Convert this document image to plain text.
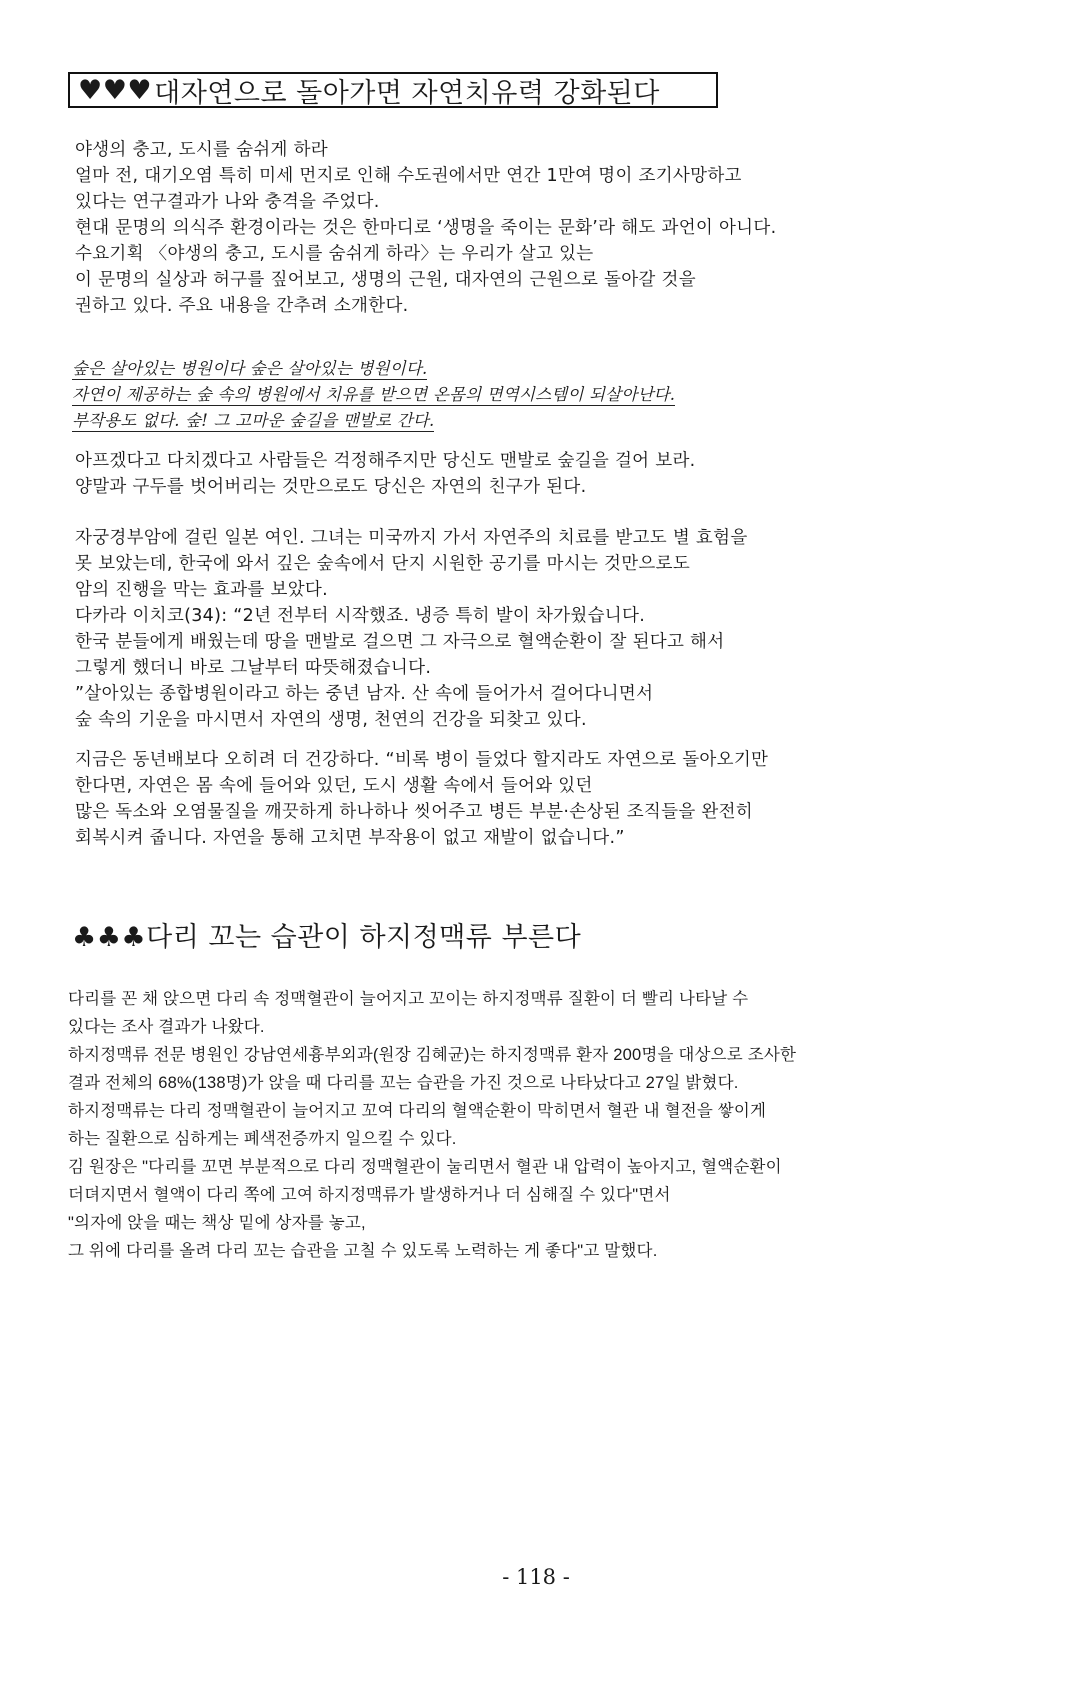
♥♥♥ 대자연으로 돌아가면 자연치유력 강화된다
야생의 충고, 도시를 숨쉬게 하라
얼마 전, 대기오염 특히 미세 먼지로 인해 수도권에서만 연간 1만여 명이 조기사망하고
있다는 연구결과가 나와 충격을 주었다.
현대 문명의 의식주 환경이라는 것은 한마디로 ‘생명을 죽이는 문화’라 해도 과언이 아니다.
수요기획 〈야생의 충고, 도시를 숨쉬게 하라〉는 우리가 살고 있는
이 문명의 실상과 허구를 짚어보고, 생명의 근원, 대자연의 근원으로 돌아갈 것을
권하고 있다. 주요 내용을 간추려 소개한다.
숲은 살아있는 병원이다 숲은 살아있는 병원이다.
자연이 제공하는 숲 속의 병원에서 치유를 받으면 온몸의 면역시스템이 되살아난다.
부작용도 없다. 숲! 그 고마운 숲길을 맨발로 간다.
아프겠다고 다치겠다고 사람들은 걱정해주지만 당신도 맨발로 숲길을 걸어 보라.
양말과 구두를 벗어버리는 것만으로도 당신은 자연의 친구가 된다.
자궁경부암에 걸린 일본 여인. 그녀는 미국까지 가서 자연주의 치료를 받고도 별 효험을
못 보았는데, 한국에 와서 깊은 숲속에서 단지 시원한 공기를 마시는 것만으로도
암의 진행을 막는 효과를 보았다.
다카라 이치코(34): “2년 전부터 시작했죠. 냉증 특히 발이 차가웠습니다.
한국 분들에게 배웠는데 땅을 맨발로 걸으면 그 자극으로 혈액순환이 잘 된다고 해서
그렇게 했더니 바로 그날부터 따뜻해졌습니다.
”살아있는 종합병원이라고 하는 중년 남자. 산 속에 들어가서 걸어다니면서
숲 속의 기운을 마시면서 자연의 생명, 천연의 건강을 되찾고 있다.
지금은 동년배보다 오히려 더 건강하다. “비록 병이 들었다 할지라도 자연으로 돌아오기만
한다면, 자연은 몸 속에 들어와 있던, 도시 생활 속에서 들어와 있던
많은 독소와 오염물질을 깨끗하게 하나하나 씻어주고 병든 부분·손상된 조직들을 완전히
회복시켜 줍니다. 자연을 통해 고치면 부작용이 없고 재발이 없습니다.”
♣♣♣다리 꼬는 습관이 하지정맥류 부른다
다리를 꼰 채 앉으면 다리 속 정맥혈관이 늘어지고 꼬이는 하지정맥류 질환이 더 빨리 나타날 수
있다는 조사 결과가 나왔다.
하지정맥류 전문 병원인 강남연세흉부외과(원장 김혜균)는 하지정맥류 환자 200명을 대상으로 조사한
결과 전체의 68%(138명)가 앉을 때 다리를 꼬는 습관을 가진 것으로 나타났다고 27일 밝혔다.
하지정맥류는 다리 정맥혈관이 늘어지고 꼬여 다리의 혈액순환이 막히면서 혈관 내 혈전을 쌓이게
하는 질환으로 심하게는 폐색전증까지 일으킬 수 있다.
김 원장은 "다리를 꼬면 부분적으로 다리 정맥혈관이 눌리면서 혈관 내 압력이 높아지고, 혈액순환이
더뎌지면서 혈액이 다리 쪽에 고여 하지정맥류가 발생하거나 더 심해질 수 있다"면서
"의자에 앉을 때는 책상 밑에 상자를 놓고,
그 위에 다리를 올려 다리 꼬는 습관을 고칠 수 있도록 노력하는 게 좋다"고 말했다.
- 118 -
